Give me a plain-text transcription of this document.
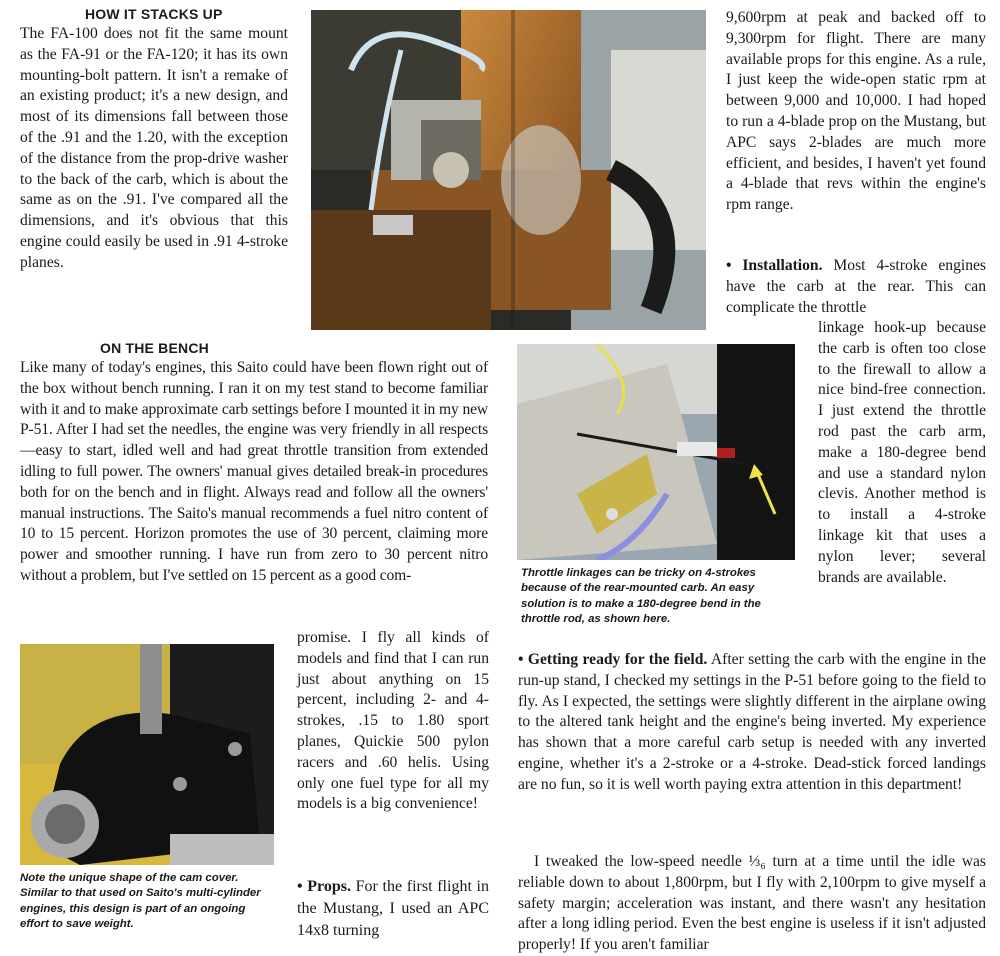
HOW IT STACKS UP

The FA-100 does not fit the same mount as the FA-91 or the FA-120; it has its own mounting-bolt pattern. It isn't a remake of an existing product; it's a new design, and most of its dimensions fall between those of the .91 and the 1.20, with the exception of the distance from the prop-drive washer to the back of the carb, which is about the same as on the .91. I've compared all the dimensions, and it's obvious that this engine could easily be used in .91 4-stroke planes.

ON THE BENCH

Like many of today's engines, this Saito could have been flown right out of the box without bench running. I ran it on my test stand to become familiar with it and to make approximate carb settings before I mounted it in my new P-51. After I had set the needles, the engine was very friendly in all respects—easy to start, idled well and had great throttle transition from extended idling to full power. The owners' manual gives detailed break-in procedures both for on the bench and in flight. Always read and follow all the owners' manual instructions. The Saito's manual recommends a fuel nitro content of 10 to 15 percent. Horizon promotes the use of 30 percent, claiming more power and smoother running. I have run from zero to 30 percent nitro without a problem, but I've settled on 15 percent as a good com-

promise. I fly all kinds of models and find that I can run just about anything on 15 percent, including 2- and 4-strokes, .15 to 1.80 sport planes, Quickie 500 pylon racers and .60 helis. Using only one fuel type for all my models is a big convenience!

• Props. For the first flight in the Mustang, I used an APC 14x8 turning

Throttle linkages can be tricky on 4-strokes because of the rear-mounted carb. An easy solution is to make a 180-degree bend in the throttle rod, as shown here.

Note the unique shape of the cam cover. Similar to that used on Saito's multi-cylinder engines, this design is part of an ongoing effort to save weight.

9,600rpm at peak and backed off to 9,300rpm for flight. There are many available props for this engine. As a rule, I just keep the wide-open static rpm at between 9,000 and 10,000. I had hoped to run a 4-blade prop on the Mustang, but APC says 2-blades are much more efficient, and besides, I haven't yet found a 4-blade that revs within the engine's rpm range.

• Installation. Most 4-stroke engines have the carb at the rear. This can complicate the throttle

linkage hook-up because the carb is often too close to the firewall to allow a nice bind-free connection. I just extend the throttle rod past the carb arm, make a 180-degree bend and use a standard nylon clevis. Another method is to install a 4-stroke linkage kit that uses a nylon lever; several brands are available.

• Getting ready for the field. After setting the carb with the engine in the run-up stand, I checked my settings in the P-51 before going to the field to fly. As I expected, the settings were slightly different in the airplane owing to the altered tank height and the engine's being inverted. My experience has shown that a more careful carb setup is needed with any inverted engine, whether it's a 2-stroke or a 4-stroke. Dead-stick forced landings are no fun, so it is well worth paying extra attention in this department!

I tweaked the low-speed needle ⅓₆ turn at a time until the idle was reliable down to about 1,800rpm, but I fly with 2,100rpm to give myself a safety margin; acceleration was instant, and there wasn't any hesitation after a long idling period. Even the best engine is useless if it isn't adjusted properly! If you aren't familiar
